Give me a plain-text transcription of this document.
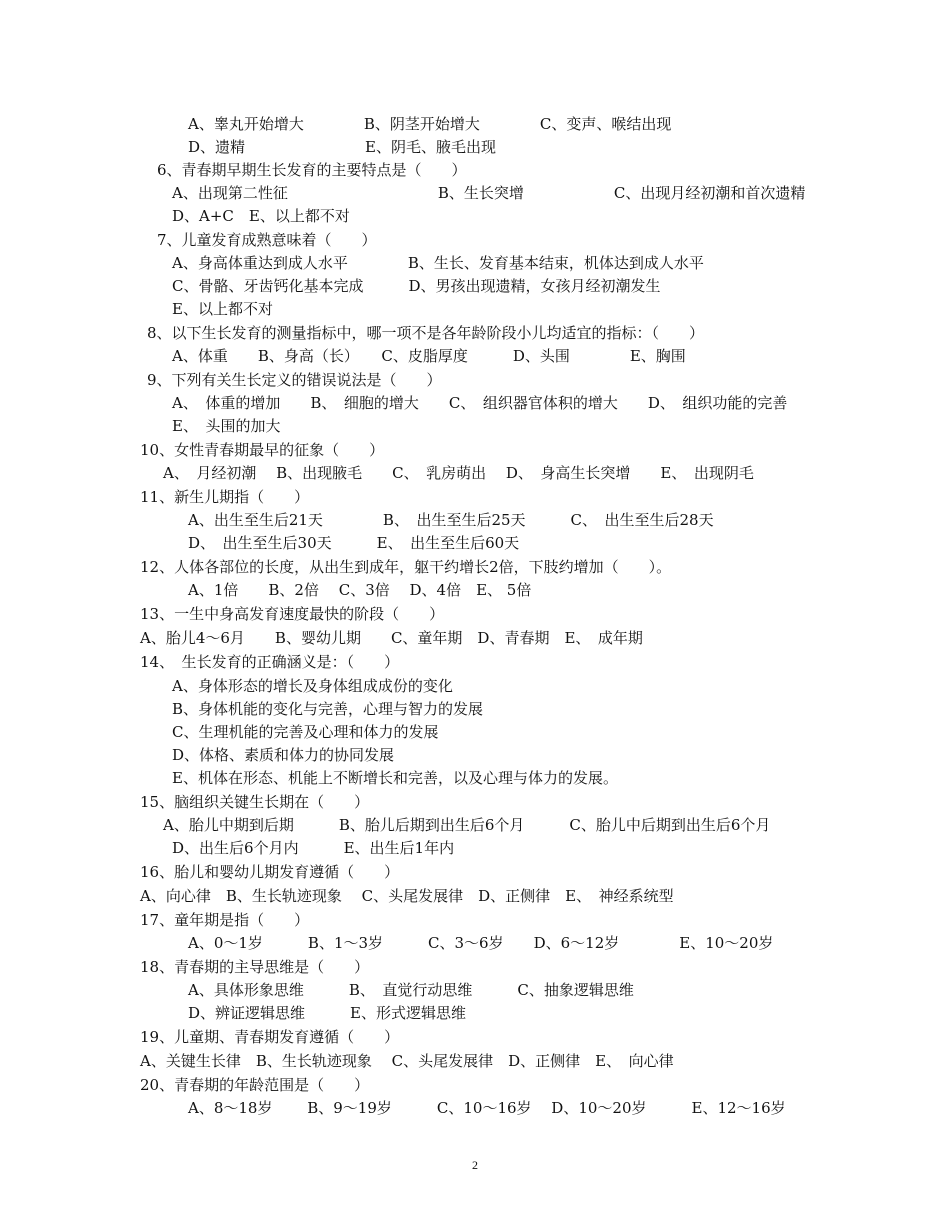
A、睾丸开始增大　　　　B、阴茎开始增大　　　　C、变声、喉结出现
D、遗精　　　　　　　　E、阴毛、腋毛出现
6、青春期早期生长发育的主要特点是（　　）
A、出现第二性征　　　　　　　　　　B、生长突增　　　　　　C、出现月经初潮和首次遗精
D、A+C　E、以上都不对
7、儿童发育成熟意味着（　　）
A、身高体重达到成人水平　　　　B、生长、发育基本结束，机体达到成人水平
C、骨骼、牙齿钙化基本完成　　　D、男孩出现遗精，女孩月经初潮发生
E、以上都不对
8、以下生长发育的测量指标中，哪一项不是各年龄阶段小儿均适宜的指标：（　　）
A、体重　　B、身高（长）　　C、皮脂厚度　　　D、头围　　　　E、胸围
9、下列有关生长定义的错误说法是（　　）
A、　体重的增加　　B、　细胞的增大　　C、　组织器官体积的增大　　D、　组织功能的完善
E、　头围的加大
10、女性青春期最早的征象（　　）
A、　月经初潮　 B、出现腋毛　　C、　乳房萌出　 D、　身高生长突增　　E、　出现阴毛
11、新生儿期指（　　）
A、出生至生后21天　　　　B、　出生至生后25天　　　C、　出生至生后28天
D、　出生至生后30天　　　E、　出生至生后60天
12、人体各部位的长度，从出生到成年，躯干约增长2倍，下肢约增加（　　）。
A、1倍　　B、2倍　 C、3倍　 D、4倍　E、 5倍
13、一生中身高发育速度最快的阶段（　　）
A、胎儿4～6月　　B、婴幼儿期　　C、童年期　D、青春期　E、　成年期
14、　生长发育的正确涵义是：（　　）
A、身体形态的增长及身体组成成份的变化
B、身体机能的变化与完善，心理与智力的发展
C、生理机能的完善及心理和体力的发展
D、体格、素质和体力的协同发展
E、机体在形态、机能上不断增长和完善，以及心理与体力的发展。
15、脑组织关键生长期在（　　）
A、胎儿中期到后期　　　B、胎儿后期到出生后6个月　　　C、胎儿中后期到出生后6个月
D、出生后6个月内　　　E、出生后1年内
16、胎儿和婴幼儿期发育遵循（　　）
A、向心律　B、生长轨迹现象　 C、头尾发展律　D、正侧律　E、　神经系统型
17、童年期是指（　　）
A、0～1岁　　　B、1～3岁　　　C、3～6岁　　D、6～12岁　　　　E、10～20岁
18、青春期的主导思维是（　　）
A、具体形象思维　　　B、　直觉行动思维　　　C、抽象逻辑思维
D、辨证逻辑思维　　　E、形式逻辑思维
19、儿童期、青春期发育遵循（　　）
A、关键生长律　B、生长轨迹现象　 C、头尾发展律　D、正侧律　E、　向心律
20、青春期的年龄范围是（　　）
A、8～18岁　　 B、9～19岁　　　C、10～16岁　 D、10～20岁　　　E、12～16岁
2
